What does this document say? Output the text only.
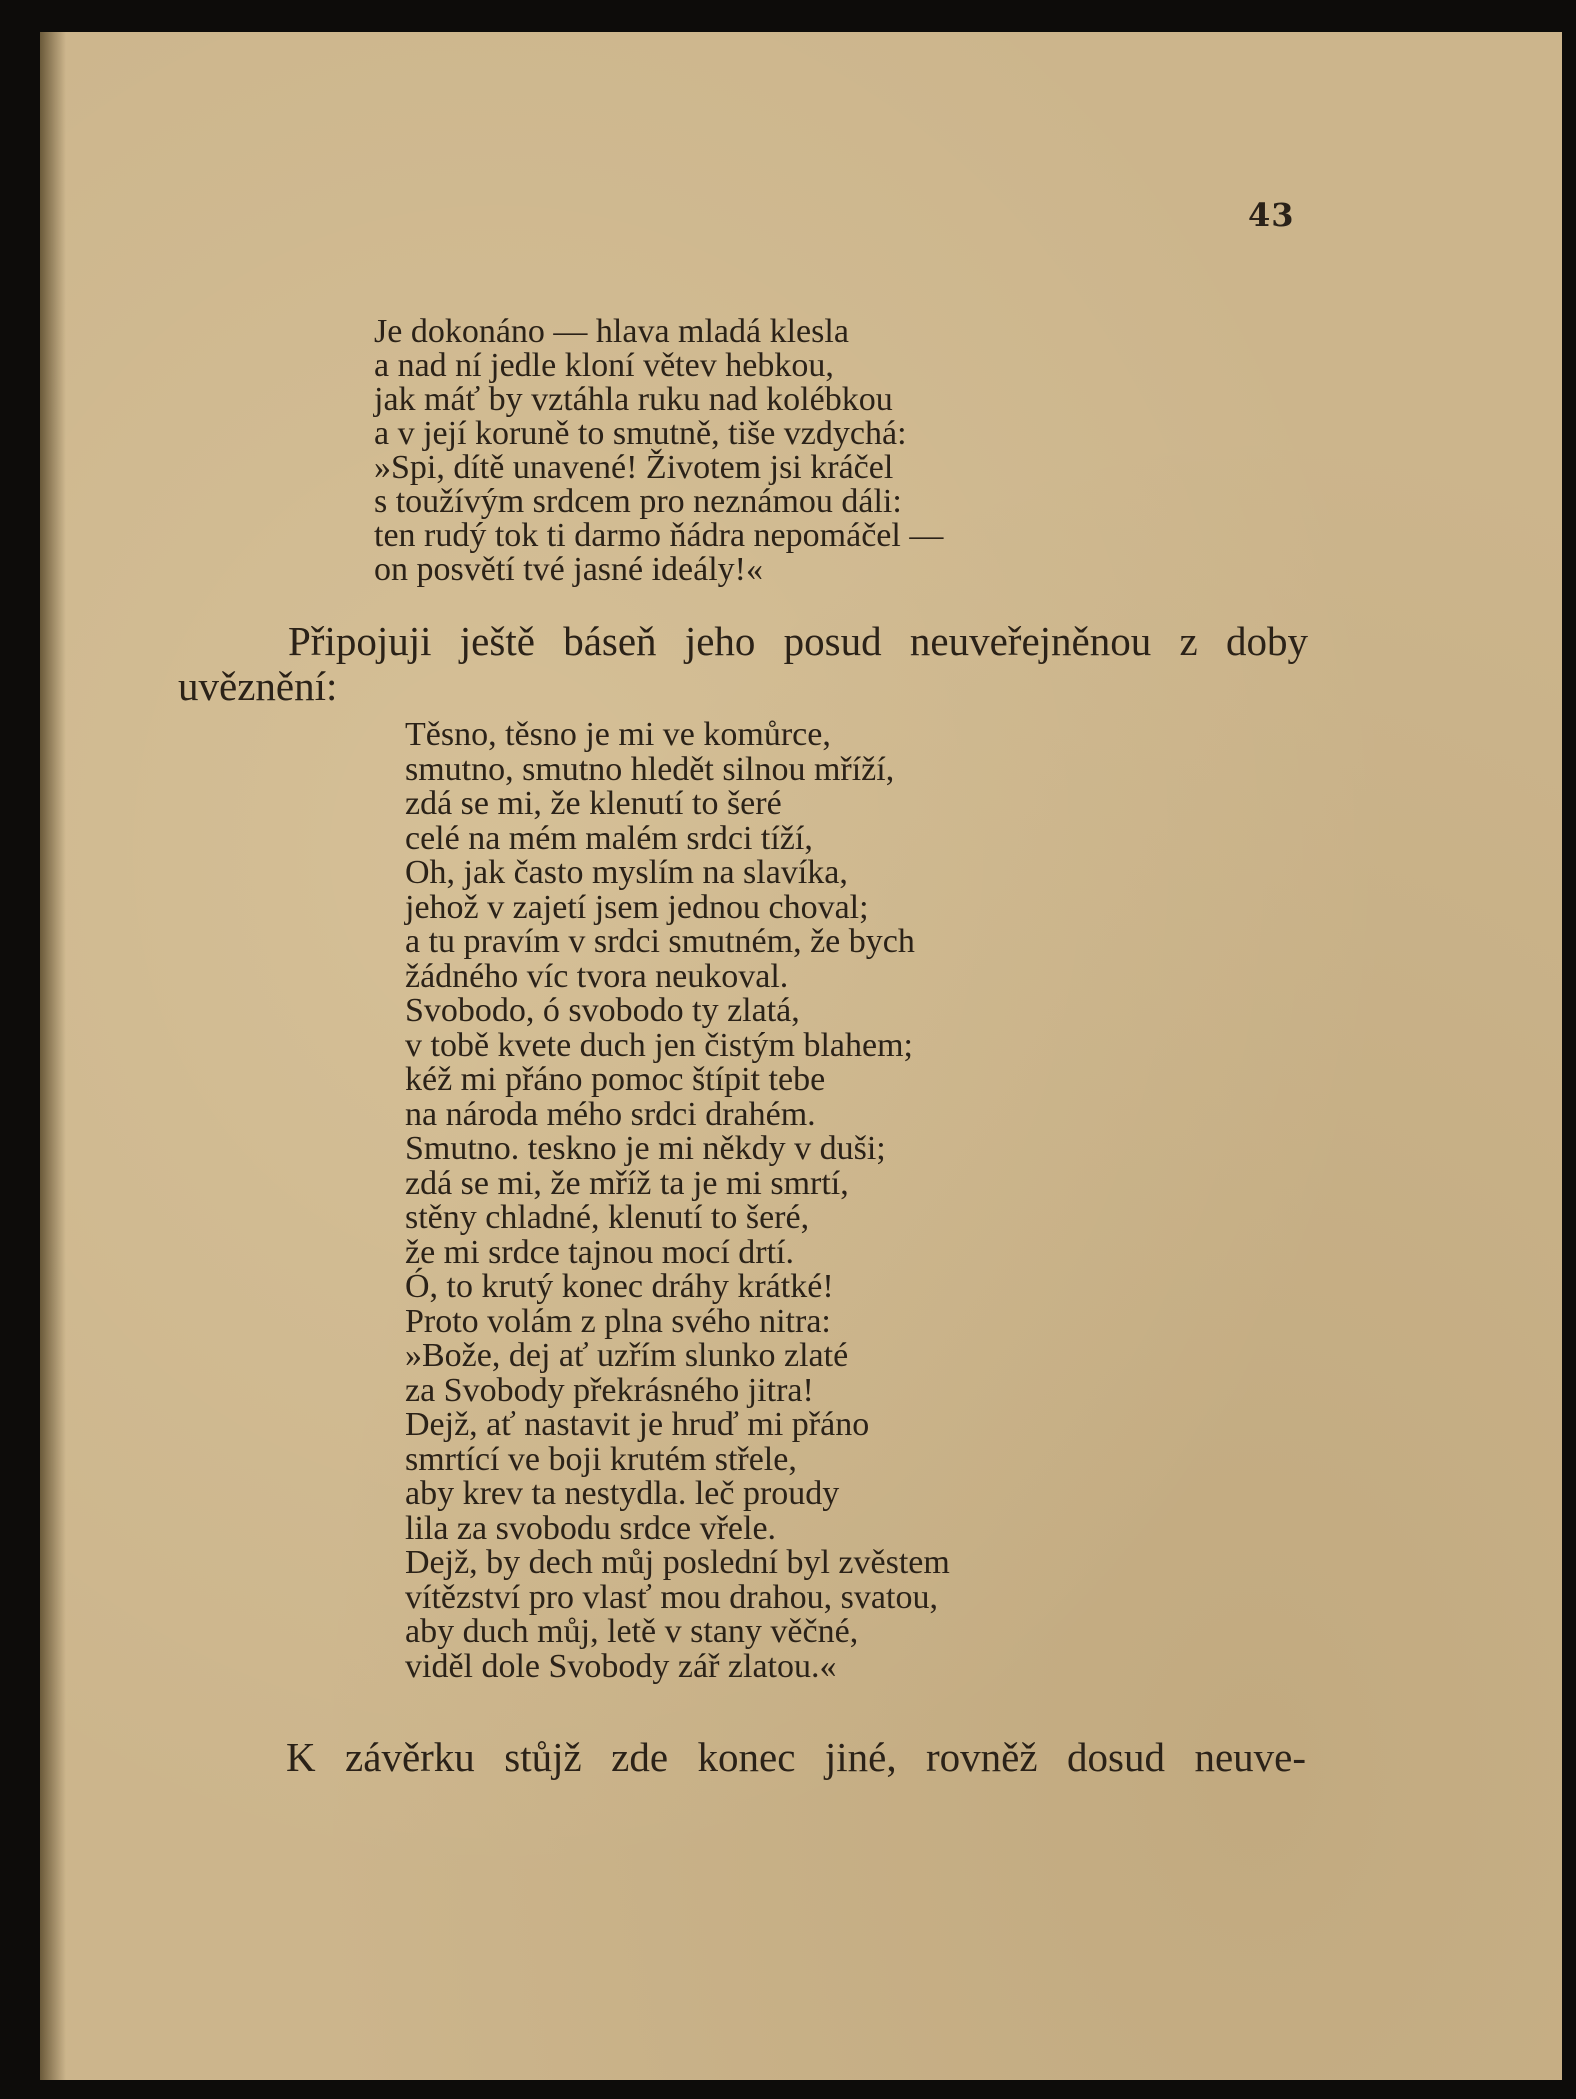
43
Je dokonáno — hlava mladá klesla
a nad ní jedle kloní větev hebkou,
jak máť by vztáhla ruku nad kolébkou
a v její koruně to smutně, tiše vzdychá:
»Spi, dítě unavené! Životem jsi kráčel
s toužívým srdcem pro neznámou dáli:
ten rudý tok ti darmo ňádra nepomáčel —
on posvětí tvé jasné ideály!«

Připojuji ještě báseň jeho posud neuveřejněnou z doby

uvěznění:

Těsno, těsno je mi ve komůrce,
smutno, smutno hledět silnou mříží,
zdá se mi, že klenutí to šeré
celé na mém malém srdci tíží,
Oh, jak často myslím na slavíka,
jehož v zajetí jsem jednou choval;
a tu pravím v srdci smutném, že bych
žádného víc tvora neukoval.
Svobodo, ó svobodo ty zlatá,
v tobě kvete duch jen čistým blahem;
kéž mi přáno pomoc štípit tebe
na národa mého srdci drahém.
Smutno. teskno je mi někdy v duši;
zdá se mi, že mříž ta je mi smrtí,
stěny chladné, klenutí to šeré,
že mi srdce tajnou mocí drtí.
Ó, to krutý konec dráhy krátké!
Proto volám z plna svého nitra:
»Bože, dej ať uzřím slunko zlaté
za Svobody překrásného jitra!
Dejž, ať nastavit je hruď mi přáno
smrtící ve boji krutém střele,
aby krev ta nestydla. leč proudy
lila za svobodu srdce vřele.
Dejž, by dech můj poslední byl zvěstem
vítězství pro vlasť mou drahou, svatou,
aby duch můj, letě v stany věčné,
viděl dole Svobody zář zlatou.«

K závěrku stůjž zde konec jiné, rovněž dosud neuve-
